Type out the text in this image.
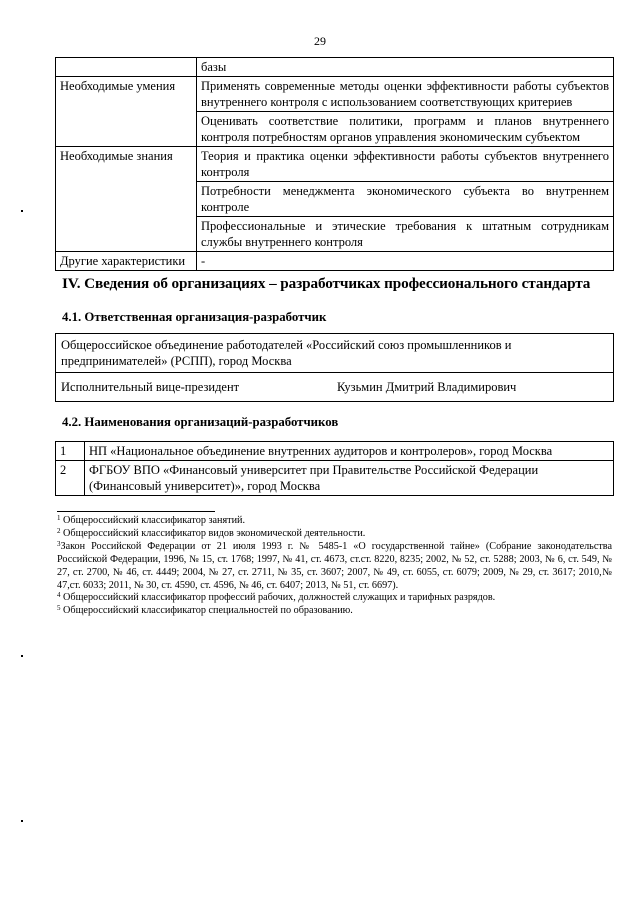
29
	базы
Необходимые умения	Применять современные методы оценки эффективности работы субъектов внутреннего контроля с использованием соответствующих критериев
	Оценивать соответствие политики, программ и планов внутреннего контроля потребностям органов управления экономическим субъектом
Необходимые знания	Теория и практика оценки эффективности работы субъектов внутреннего контроля
	Потребности менеджмента экономического субъекта во внутреннем контроле
	Профессиональные и этические требования к штатным сотрудникам службы внутреннего контроля
Другие характеристики	-
IV. Сведения об организациях – разработчиках профессионального стандарта
4.1. Ответственная организация-разработчик
Общероссийское объединение работодателей «Российский союз промышленников и предпринимателей» (РСПП), город Москва
Исполнительный вице-президент	Кузьмин Дмитрий Владимирович
4.2. Наименования организаций-разработчиков
1	НП «Национальное объединение внутренних аудиторов и контролеров», город Москва
2	ФГБОУ ВПО «Финансовый университет при Правительстве Российской Федерации (Финансовый университет)», город Москва

$^1$ Общероссийский классификатор занятий.

$^2$ Общероссийский классификатор видов экономической деятельности.

$^3$Закон Российской Федерации от 21 июля 1993 г. № 5485-1 «О государственной тайне» (Собрание законодательства Российской Федерации, 1996, № 15, ст. 1768; 1997, № 41, ст. 4673, ст.ст. 8220, 8235; 2002, № 52, ст. 5288; 2003, № 6, ст. 549, № 27, ст. 2700, № 46, ст. 4449; 2004, № 27, ст. 2711, № 35, ст. 3607; 2007, № 49, ст. 6055, ст. 6079; 2009, № 29, ст. 3617; 2010,№ 47,ст. 6033; 2011, № 30, ст. 4590, ст. 4596, № 46, ст. 6407; 2013, № 51, ст. 6697).

$^4$ Общероссийский классификатор профессий рабочих, должностей служащих и тарифных разрядов.

$^5$ Общероссийский классификатор специальностей по образованию.
